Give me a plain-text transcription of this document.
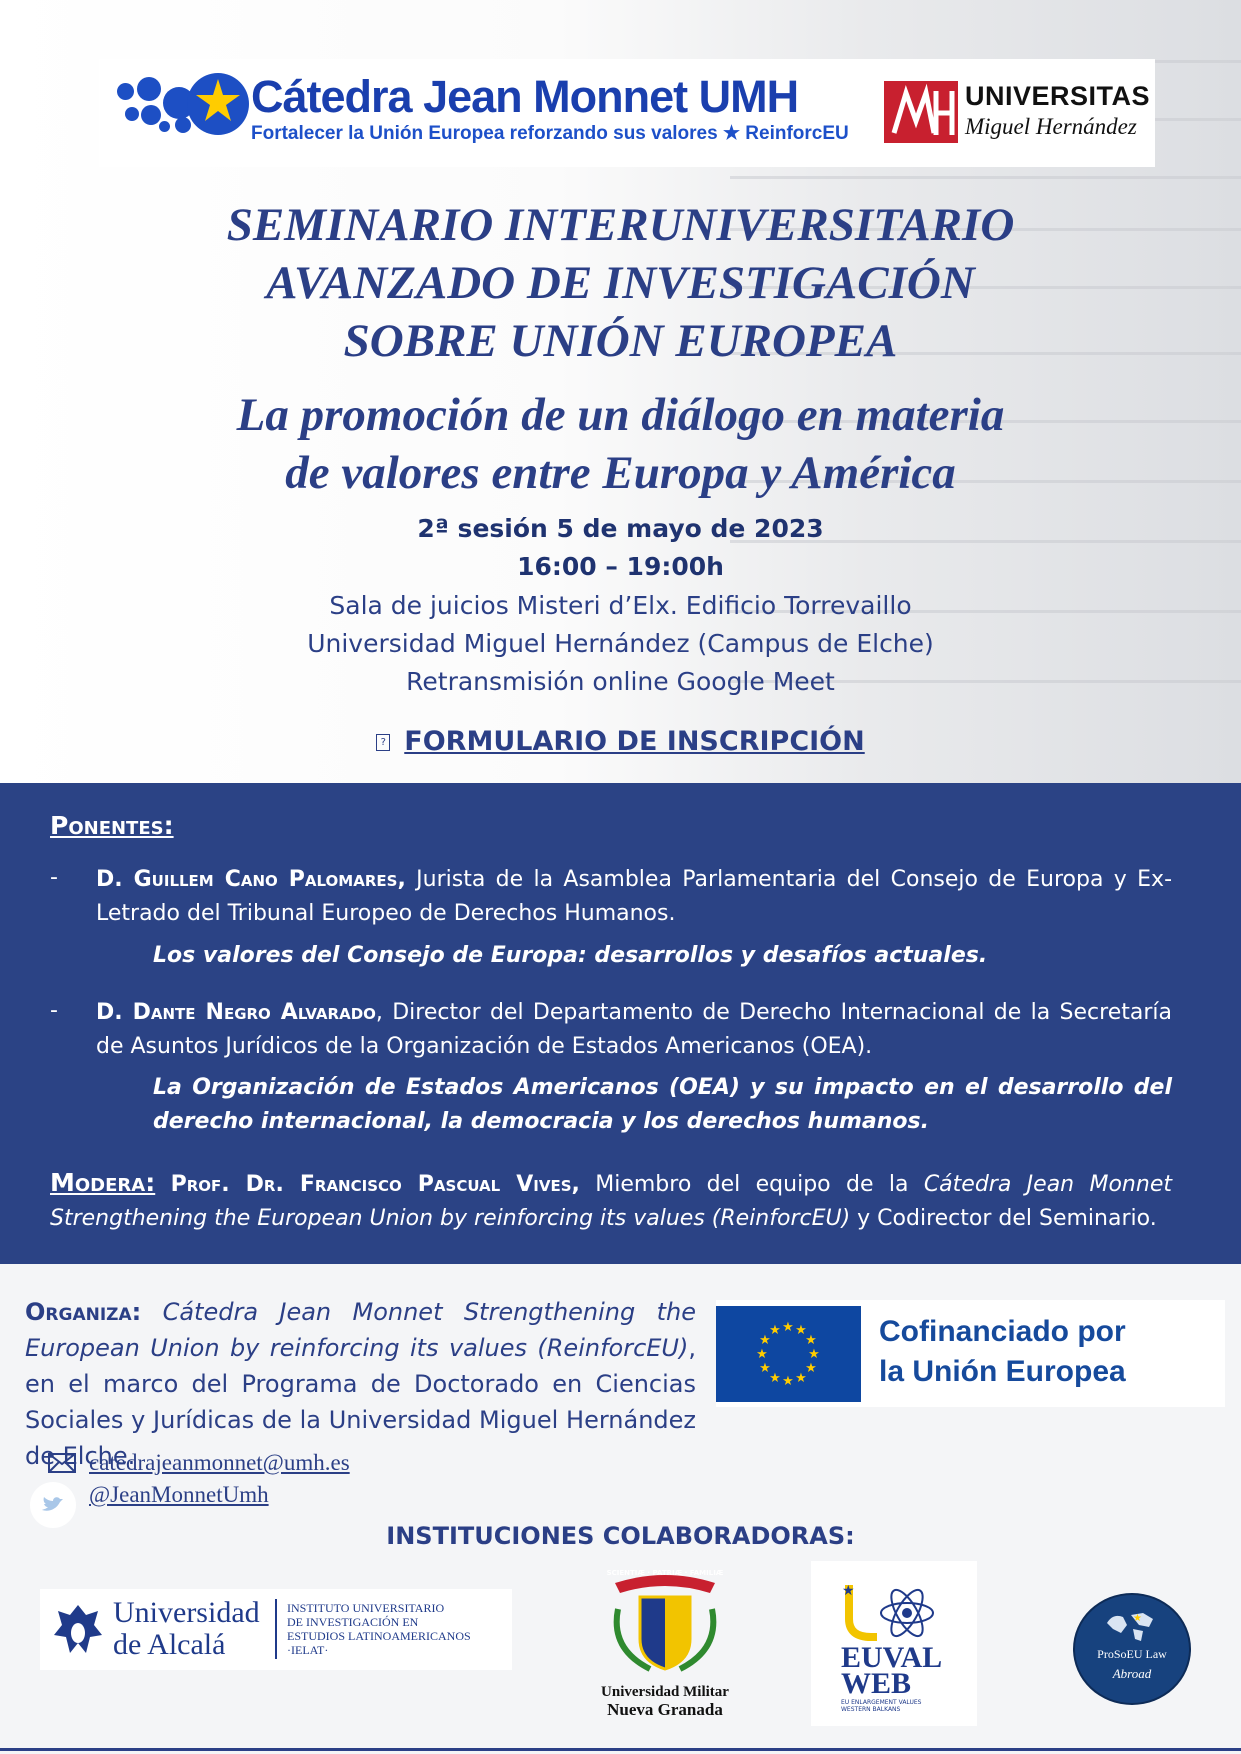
Cátedra Jean Monnet UMH
Fortalecer la Unión Europea reforzando sus valores ★ ReinforcEU
UNIVERSITAS
Miguel Hernández
SEMINARIO INTERUNIVERSITARIO
AVANZADO DE INVESTIGACIÓN
SOBRE UNIÓN EUROPEA
La promoción de un diálogo en materia
de valores entre Europa y América
2ª sesión 5 de mayo de 2023
16:00 – 19:00h
Sala de juicios Misteri d’Elx. Edificio Torrevaillo
Universidad Miguel Hernández (Campus de Elche)
Retransmisión online Google Meet
? FORMULARIO DE INSCRIPCIÓN
Ponentes:
- D. Guillem Cano Palomares, Jurista de la Asamblea Parlamentaria del Consejo de Europa y Ex-Letrado del Tribunal Europeo de Derechos Humanos.
Los valores del Consejo de Europa: desarrollos y desafíos actuales.
- D. Dante Negro Alvarado, Director del Departamento de Derecho Internacional de la Secretaría de Asuntos Jurídicos de la Organización de Estados Americanos (OEA).
La Organización de Estados Americanos (OEA) y su impacto en el desarrollo del derecho internacional, la democracia y los derechos humanos.
Modera: Prof. Dr. Francisco Pascual Vives, Miembro del equipo de la Cátedra Jean Monnet Strengthening the European Union by reinforcing its values (ReinforcEU) y Codirector del Seminario.
Organiza: Cátedra Jean Monnet Strengthening the European Union by reinforcing its values (ReinforcEU), en el marco del Programa de Doctorado en Ciencias Sociales y Jurídicas de la Universidad Miguel Hernández de Elche.
★ ★
★
★
★
★
★
★
★
★
★
★	Cofinanciado por
la Unión Europea
catedrajeanmonnet@umh.es
@JeanMonnetUmh
INSTITUCIONES COLABORADORAS:
Universidad
de Alcalá
INSTITUTO UNIVERSITARIO
DE INVESTIGACIÓN EN
ESTUDIOS LATINOAMERICANOS
·IELAT·
SCIENTIÆ · PATRIÆ · FAMILIÆ
Universidad Militar
Nueva Granada
★
EUVAL
WEB
EU ENLARGEMENT VALUES
WESTERN BALKANS
★
ProSoEU Law
Abroad
